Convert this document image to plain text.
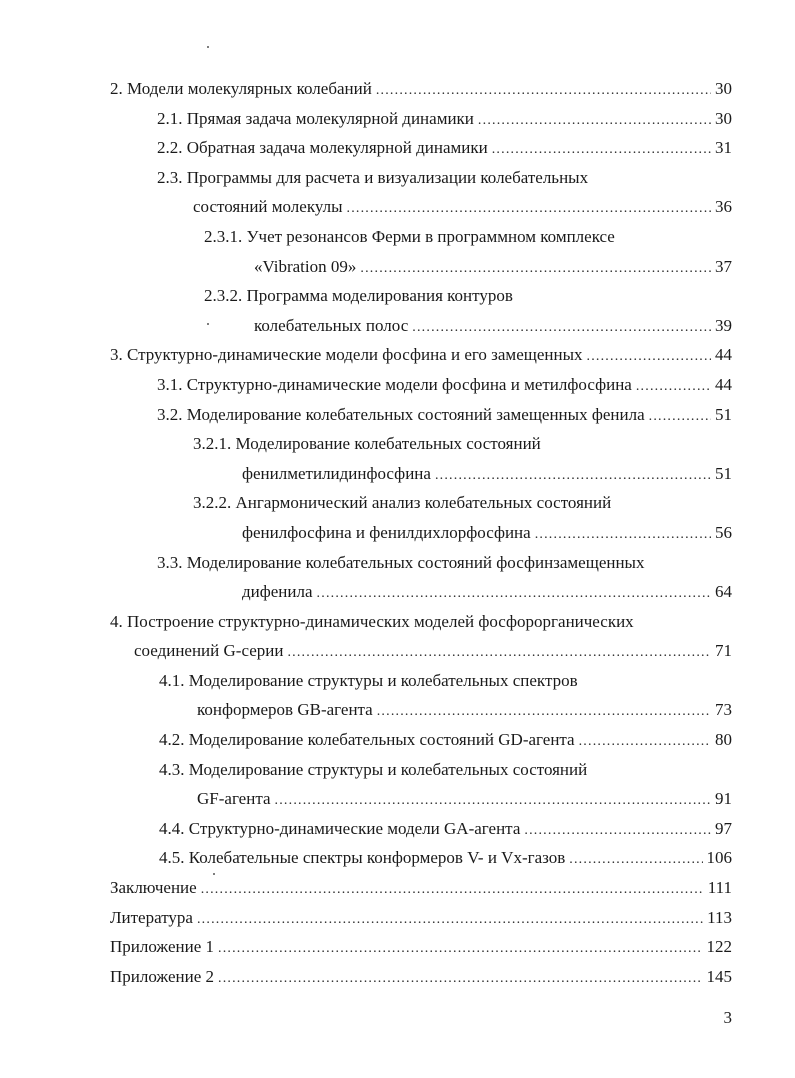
2. Модели молекулярных колебаний .....	30
2.1. Прямая задача молекулярной динамики .....	30
2.2. Обратная задача молекулярной динамики .....	31
2.3. Программы для расчета и визуализации колебательных
состояний молекулы .....	36
2.3.1. Учет резонансов Ферми в программном комплексе
«Vibration 09» .....	37
2.3.2. Программа моделирования контуров
колебательных полос .....	39
3. Структурно-динамические модели фосфина и его замещенных .....	44
3.1. Структурно-динамические модели фосфина и метилфосфина .....	44
3.2. Моделирование колебательных состояний замещенных фенила .....	51
3.2.1. Моделирование колебательных состояний
фенилметилидинфосфина .....	51
3.2.2. Ангармонический анализ колебательных состояний
фенилфосфина и фенилдихлорфосфина .....	56
3.3. Моделирование колебательных состояний фосфинзамещенных
дифенила .....	64
4. Построение структурно-динамических моделей фосфорорганических
соединений G-серии .....	71
4.1. Моделирование структуры и колебательных спектров
конформеров GB-агента .....	73
4.2. Моделирование колебательных состояний GD-агента .....	80
4.3. Моделирование структуры и колебательных состояний
GF-агента .....	91
4.4. Структурно-динамические модели GA-агента .....	97
4.5. Колебательные спектры конформеров V- и Vx-газов .....	106
Заключение .....	111
Литература .....	113
Приложение 1 .....	122
Приложение 2 .....	145
3
